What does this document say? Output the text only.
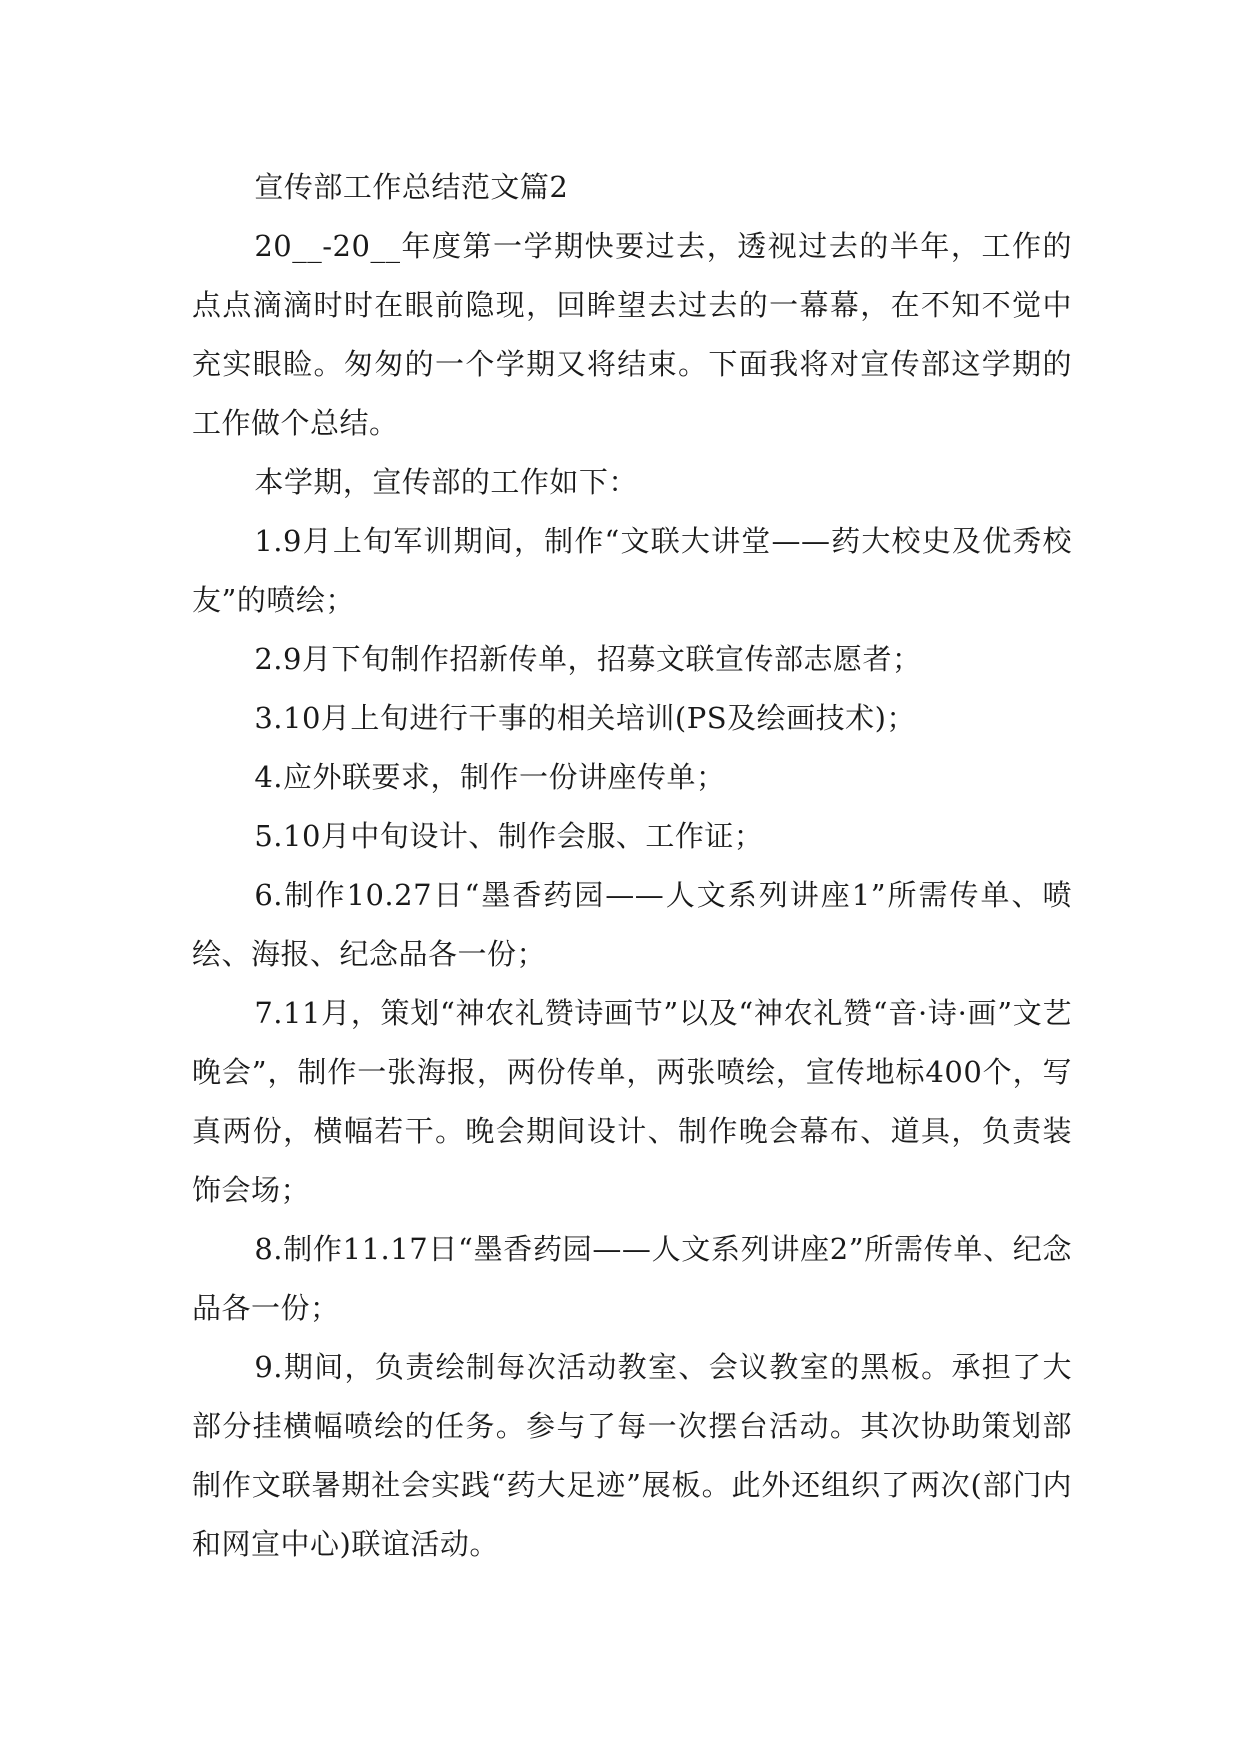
宣传部工作总结范文篇2

20__-20__年度第一学期快要过去，透视过去的半年，工作的点点滴滴时时在眼前隐现，回眸望去过去的一幕幕，在不知不觉中充实眼睑。匆匆的一个学期又将结束。下面我将对宣传部这学期的工作做个总结。

本学期，宣传部的工作如下：

1.9月上旬军训期间，制作“文联大讲堂——药大校史及优秀校友”的喷绘；

2.9月下旬制作招新传单，招募文联宣传部志愿者；

3.10月上旬进行干事的相关培训(PS及绘画技术)；

4.应外联要求，制作一份讲座传单；

5.10月中旬设计、制作会服、工作证；

6.制作10.27日“墨香药园——人文系列讲座1”所需传单、喷绘、海报、纪念品各一份；

7.11月，策划“神农礼赞诗画节”以及“神农礼赞“音·诗·画”文艺晚会”，制作一张海报，两份传单，两张喷绘，宣传地标400个，写真两份，横幅若干。晚会期间设计、制作晚会幕布、道具，负责装饰会场；

8.制作11.17日“墨香药园——人文系列讲座2”所需传单、纪念品各一份；

9.期间，负责绘制每次活动教室、会议教室的黑板。承担了大部分挂横幅喷绘的任务。参与了每一次摆台活动。其次协助策划部制作文联暑期社会实践“药大足迹”展板。此外还组织了两次(部门内和网宣中心)联谊活动。
